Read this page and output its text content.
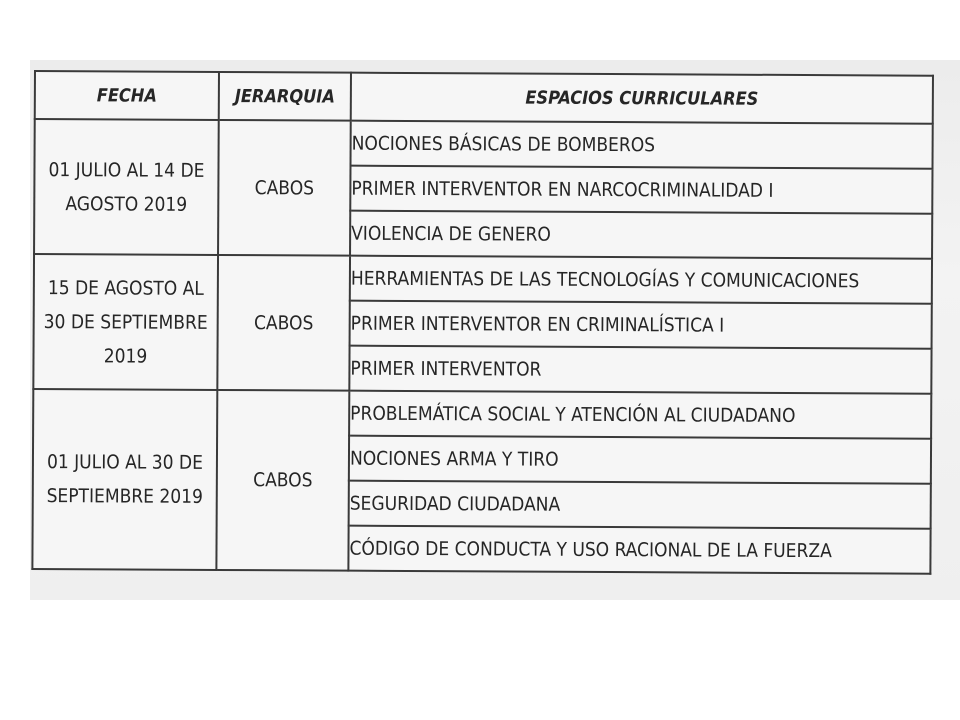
FECHA	JERARQUIA	ESPACIOS CURRICULARES
01 JULIO AL 14 DE AGOSTO 2019	CABOS	NOCIONES BÁSICAS DE BOMBEROS
		PRIMER INTERVENTOR EN NARCOCRIMINALIDAD I
		VIOLENCIA DE GENERO
15 DE AGOSTO AL 30 DE SEPTIEMBRE 2019	CABOS	HERRAMIENTAS DE LAS TECNOLOGÍAS Y COMUNICACIONES
		PRIMER INTERVENTOR EN CRIMINALÍSTICA I
		PRIMER INTERVENTOR
01 JULIO AL 30 DE SEPTIEMBRE 2019	CABOS	PROBLEMÁTICA SOCIAL Y ATENCIÓN AL CIUDADANO
		NOCIONES ARMA Y TIRO
		SEGURIDAD CIUDADANA
		CÓDIGO DE CONDUCTA Y USO RACIONAL DE LA FUERZA
